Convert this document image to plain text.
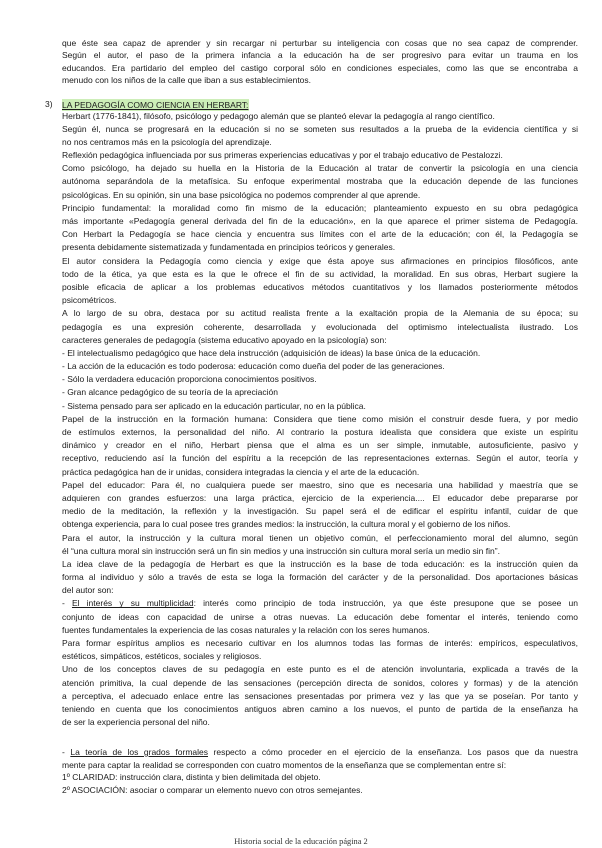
que éste sea capaz de aprender y sin recargar ni perturbar su inteligencia con cosas que no sea capaz de comprender.
Según el autor, el paso de la primera infancia a la educación ha de ser progresivo para evitar un trauma en los
educandos. Era partidario del empleo del castigo corporal sólo en condiciones especiales, como las que se encontraba a
menudo con los niños de la calle que iban a sus establecimientos.
3) LA PEDAGOGÍA COMO CIENCIA EN HERBART:
Herbart (1776-1841), filósofo, psicólogo y pedagogo alemán que se planteó elevar la pedagogía al rango científico.
Según él, nunca se progresará en la educación si no se someten sus resultados a la prueba de la evidencia científica y si
no nos centramos más en la psicología del aprendizaje.
Reflexión pedagógica influenciada por sus primeras experiencias educativas y por el trabajo educativo de Pestalozzi.
Como psicólogo, ha dejado su huella en la Historia de la Educación al tratar de convertir la psicología en una ciencia
autónoma separándola de la metafísica. Su enfoque experimental mostraba que la educación depende de las funciones
psicológicas. En su opinión, sin una base psicológica no podemos comprender al que aprende.
Principio fundamental: la moralidad como fin mismo de la educación; planteamiento expuesto en su obra pedagógica
más importante «Pedagogía general derivada del fin de la educación», en la que aparece el primer sistema de Pedagogía.
Con Herbart la Pedagogía se hace ciencia y encuentra sus límites con el arte de la educación; con él, la Pedagogía se
presenta debidamente sistematizada y fundamentada en principios teóricos y generales.
El autor considera la Pedagogía como ciencia y exige que ésta apoye sus afirmaciones en principios filosóficos, ante
todo de la ética, ya que esta es la que le ofrece el fin de su actividad, la moralidad. En sus obras, Herbart sugiere la
posible eficacia de aplicar a los problemas educativos métodos cuantitativos y los llamados posteriormente métodos
psicométricos.
A lo largo de su obra, destaca por su actitud realista frente a la exaltación propia de la Alemania de su época; su
pedagogía es una expresión coherente, desarrollada y evolucionada del optimismo intelectualista ilustrado. Los
caracteres generales de pedagogía (sistema educativo apoyado en la psicología) son:
- El intelectualismo pedagógico que hace dela instrucción (adquisición de ideas) la base única de la educación.
- La acción de la educación es todo poderosa: educación como dueña del poder de las generaciones.
- Sólo la verdadera educación proporciona conocimientos positivos.
- Gran alcance pedagógico de su teoría de la apreciación
- Sistema pensado para ser aplicado en la educación particular, no en la pública.
Papel de la instrucción en la formación humana: Considera que tiene como misión el construir desde fuera, y por medio
de estímulos externos, la personalidad del niño. Al contrario la postura idealista que considera que existe un espíritu
dinámico y creador en el niño, Herbart piensa que el alma es un ser simple, inmutable, autosuficiente, pasivo y
receptivo, reduciendo así la función del espíritu a la recepción de las representaciones externas. Según el autor, teoría y
práctica pedagógica han de ir unidas, considera integradas la ciencia y el arte de la educación.
Papel del educador: Para él, no cualquiera puede ser maestro, sino que es necesaria una habilidad y maestría que se
adquieren con grandes esfuerzos: una larga práctica, ejercicio de la experiencia.... El educador debe prepararse por
medio de la meditación, la reflexión y la investigación. Su papel será el de edificar el espíritu infantil, cuidar de que
obtenga experiencia, para lo cual posee tres grandes medios: la instrucción, la cultura moral y el gobierno de los niños.
Para el autor, la instrucción y la cultura moral tienen un objetivo común, el perfeccionamiento moral del alumno, según
él “una cultura moral sin instrucción será un fin sin medios y una instrucción sin cultura moral sería un medio sin fin”.
La idea clave de la pedagogía de Herbart es que la instrucción es la base de toda educación: es la instrucción quien da
forma al individuo y sólo a través de esta se loga la formación del carácter y de la personalidad. Dos aportaciones básicas
del autor son:
- El interés y su multiplicidad: interés como principio de toda instrucción, ya que éste presupone que se posee un
conjunto de ideas con capacidad de unirse a otras nuevas. La educación debe fomentar el interés, teniendo como
fuentes fundamentales la experiencia de las cosas naturales y la relación con los seres humanos.
Para formar espíritus amplios es necesario cultivar en los alumnos todas las formas de interés: empíricos, especulativos,
estéticos, simpáticos, estéticos, sociales y religiosos.
Uno de los conceptos claves de su pedagogía en este punto es el de atención involuntaria, explicada a través de la
atención primitiva, la cual depende de las sensaciones (percepción directa de sonidos, colores y formas) y de la atención
a perceptiva, el adecuado enlace entre las sensaciones presentadas por primera vez y las que ya se poseían. Por tanto y
teniendo en cuenta que los conocimientos antiguos abren camino a los nuevos, el punto de partida de la enseñanza ha
de ser la experiencia personal del niño.
- La teoría de los grados formales respecto a cómo proceder en el ejercicio de la enseñanza. Los pasos que da nuestra
mente para captar la realidad se corresponden con cuatro momentos de la enseñanza que se complementan entre sí:
1º CLARIDAD: instrucción clara, distinta y bien delimitada del objeto.
2º ASOCIACIÓN: asociar o comparar un elemento nuevo con otros semejantes.
Historia social de la educación página 2
